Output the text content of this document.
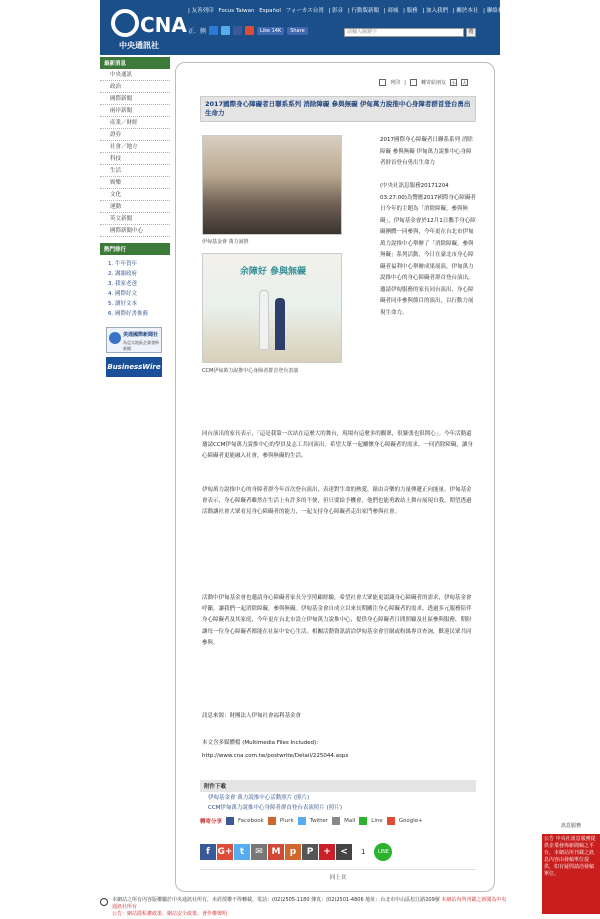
CNA
中央通訊社
| 友善列印 Focus Taiwan Español フォーカス台湾 | 影音 | 行動版新聞 | 商城 | 服務 | 加入我們 | 關於本社 | 聯絡我們
正．側	Like 14K	Share	請輸入關鍵字	搜
最新消息
中央通訊
政治
國際新聞
兩岸新聞
產業／財經
證券
社會／地方
科技
生活
娛樂
文化
運動
英文新聞
國際新聞中心
熱門排行
1. 牛年賀年
2. 謝謝政府
3. 我家老爸
4. 國際好文
5. 讀好文本
6. 國際好書推薦
美通國際新聞社
為亞太地區企業發佈新聞
BusinessWire
列印 |	轉寄給朋友 小 大
2017國際身心障礙者日聯系系列 消除障礙 參與無礙 伊甸萬力說推中心身障者群首登台勇出生命力
伊甸基金會 萬力說推
余障好 參與無礙
CCM伊甸萬力說推中心身障者群首登台表演
2017國際身心障礙者日聯系系列 消除障礙 參與無礙 伊甸萬力說推中心身障者群首登台勇出生命力

(中央社訊息服務20171204 03:27:00)為響應2017國際身心障礙者日今年的主題為「消除障礙，參與無礙」，伊甸基金會於12月1日攜手身心障礙團體一同參與，今年更在台北市伊甸萬力說推中心舉辦了「消除障礙，參與無礙」系列活動，今日在臺北市身心障礙者福利中心舉辦成果展演，伊甸萬力說推中心的身心障礙者群首登台演出，邀請伊甸服務的家長同台演出，身心障礙者同步參與節目的演出，以行動力展現生命力。
同台演出的家長表示，「這是我第一次站在這麼大的舞台，現場有這麼多的觀眾，很緊張也很開心」。今年活動還邀請CCM伊甸萬力說推中心的學員及志工共同演出，希望大眾一起關懷身心障礙者的需求，一同消除障礙，讓身心障礙者更能融入社會，參與無礙的生活。
伊甸萬力說推中心的身障者群今年首次登台演出，表達對生命的熱愛，藉由音樂的力量傳遞正向能量。伊甸基金會表示，身心障礙者雖然在生活上有許多的不便，但只要給予機會，他們也能勇敢站上舞台展現自我，期望透過活動讓社會大眾看見身心障礙者的能力，一起支持身心障礙者走出家門參與社會。
活動中伊甸基金會也邀請身心障礙者家長分享照顧經驗，希望社會大眾能更認識身心障礙者的需求，伊甸基金會呼籲，讓我們一起消除障礙，參與無礙。伊甸基金會自成立以來長期關注身心障礙者的需求，透過多元服務陪伴身心障礙者及其家庭，今年更在台北市設立伊甸萬力說推中心，提供身心障礙者日間照顧及社區參與服務，期盼讓每一位身心障礙者都能在社區中安心生活。相關活動資訊請洽伊甸基金會官網或粉絲專頁查詢，歡迎民眾共同參與。
訊息來源：財團法人伊甸社會福利基金會
本文含多媒體檔 (Multimedia Files Included)：
http://www.cna.com.tw/postwrite/Detail/225044.aspx
附件下載
伊甸基金會 萬力說推中心活動照片 (照片)
CCM伊甸萬力說推中心身障者群首登台表演照片 (照片)
轉寄分享	Facebook	Plurk	Twitter	Mail	Line	Google+
f G+ t	✉ M	p	P	+	<	1	LINE
回上頁
訊息服務
公告 中央社訊息服務提供企業發佈新聞稿之平台，本網站所刊載之訊息內容由發稿單位提供，如有疑問請洽發稿單位。
本網站之所有內容版權屬於中央通訊社所有，未經授權不得轉載。電話：(02)2505-1180 傳真：(02)2501-4806 地址：台北市中山區松江路209號 本網站內所刊載之新聞為中央通訊社所有
公告：網站隱私權政策、網站安全政策、著作權聲明
